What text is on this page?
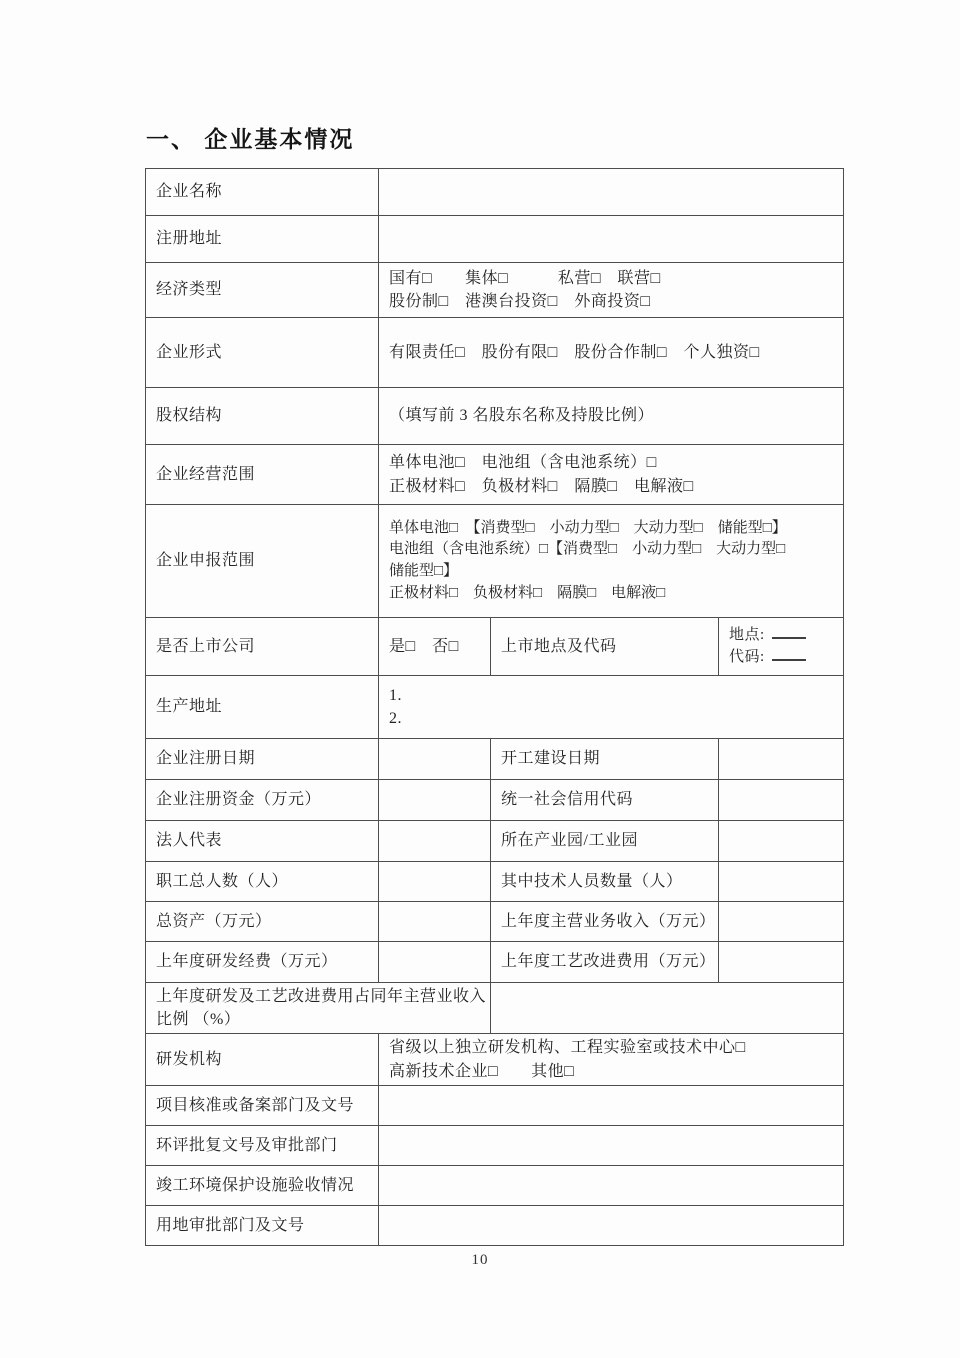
一、 企业基本情况
企业名称			
注册地址			
经济类型	国有□　　集体□　　　私营□　联营□
股份制□　港澳台投资□　外商投资□		

企业形式	有限责任□　股份有限□　股份合作制□　个人独资□		

股权结构	（填写前 3 名股东名称及持股比例）		

企业经营范围	单体电池□　电池组（含电池系统）□
正极材料□　负极材料□　隔膜□　电解液□		

企业申报范围	单体电池□　【消费型□　小动力型□　大动力型□　储能型□】
电池组（含电池系统）□【消费型□　小动力型□　大动力型□
储能型□】
正极材料□　负极材料□　隔膜□　电解液□		

是否上市公司	是□　否□	上市地点及代码	地点:
代码:

生产地址	1.
2.		

企业注册日期		开工建设日期	
企业注册资金（万元）		统一社会信用代码	
法人代表		所在产业园/工业园	
职工总人数（人）		其中技术人员数量（人）	
总资产（万元）		上年度主营业务收入（万元）	
上年度研发经费（万元）		上年度工艺改进费用（万元）	
上年度研发及工艺改进费用占同年主营业收入比例 （%）			
研发机构	省级以上独立研发机构、工程实验室或技术中心□
高新技术企业□　　其他□		

项目核准或备案部门及文号			
环评批复文号及审批部门			
竣工环境保护设施验收情况			
用地审批部门及文号			
10
